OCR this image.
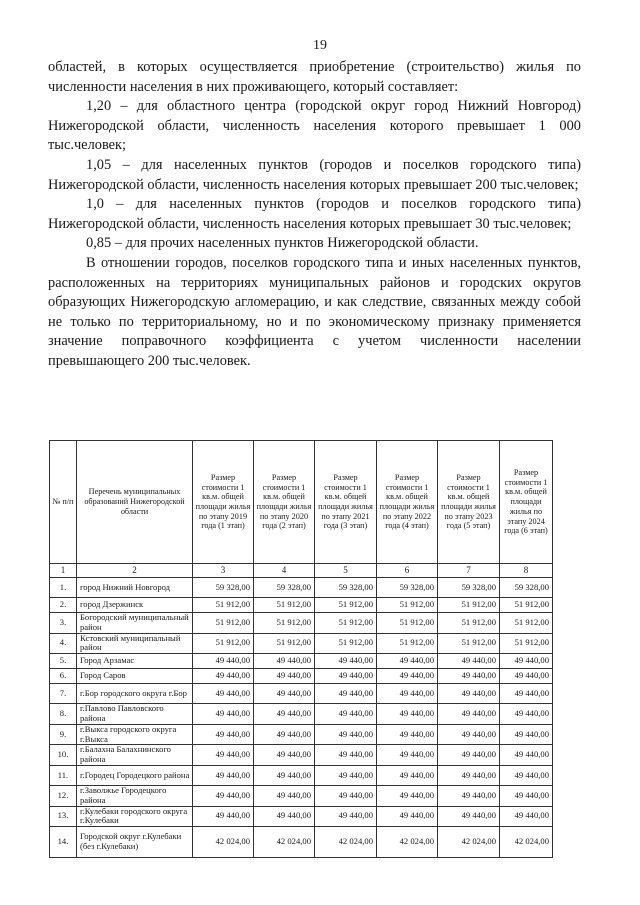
19

областей, в которых осуществляется приобретение (строительство) жилья по численности населения в них проживающего, который составляет:

1,20 – для областного центра (городской округ город Нижний Новгород) Нижегородской области, численность населения которого превышает 1 000 тыс.человек;

1,05 – для населенных пунктов (городов и поселков городского типа) Нижегородской области, численность населения которых превышает 200 тыс.человек;

1,0 – для населенных пунктов (городов и поселков городского типа) Нижегородской области, численность населения которых превышает 30 тыс.человек;

0,85 – для прочих населенных пунктов Нижегородской области.

В отношении городов, поселков городского типа и иных населенных пунктов, расположенных на территориях муниципальных районов и городских округов образующих Нижегородскую агломерацию, и как следствие, связанных между собой не только по территориальному, но и по экономическому признаку применяется значение поправочного коэффициента с учетом численности населении превышающего 200 тыс.человек.

№ п/п	Перечень муниципальных образований Нижегородской области	Размер стоимости 1 кв.м. общей площади жилья по этапу 2019 года (1 этап)	Размер стоимости 1 кв.м. общей площади жилья по этапу 2020 года (2 этап)	Размер стоимости 1 кв.м. общей площади жилья по этапу 2021 года (3 этап)	Размер стоимости 1 кв.м. общей площади жилья по этапу 2022 года (4 этап)	Размер стоимости 1 кв.м. общей площади жилья по этапу 2023 года (5 этап)	Размер стоимости 1 кв.м. общей площади жилья по этапу 2024 года (6 этап)
1	2	3	4	5	6	7	8
1.	город Нижний Новгород	59 328,00	59 328,00	59 328,00	59 328,00	59 328,00	59 328,00
2.	город Дзержинск	51 912,00	51 912,00	51 912,00	51 912,00	51 912,00	51 912,00
3.	Богородский муниципальный район	51 912,00	51 912,00	51 912,00	51 912,00	51 912,00	51 912,00
4.	Кстовский муниципальный район	51 912,00	51 912,00	51 912,00	51 912,00	51 912,00	51 912,00
5.	Город Арзамас	49 440,00	49 440,00	49 440,00	49 440,00	49 440,00	49 440,00
6.	Город Саров	49 440,00	49 440,00	49 440,00	49 440,00	49 440,00	49 440,00
7.	г.Бор городского округа г.Бор	49 440,00	49 440,00	49 440,00	49 440,00	49 440,00	49 440,00
8.	г.Павлово Павловского района	49 440,00	49 440,00	49 440,00	49 440,00	49 440,00	49 440,00
9.	г.Выкса городского округа г.Выкса	49 440,00	49 440,00	49 440,00	49 440,00	49 440,00	49 440,00
10.	г.Балахна Балахнинского района	49 440,00	49 440,00	49 440,00	49 440,00	49 440,00	49 440,00
11.	г.Городец Городецкого района	49 440,00	49 440,00	49 440,00	49 440,00	49 440,00	49 440,00
12.	г.Заволжье Городецкого района	49 440,00	49 440,00	49 440,00	49 440,00	49 440,00	49 440,00
13.	г.Кулебаки городского округа г.Кулебаки	49 440,00	49 440,00	49 440,00	49 440,00	49 440,00	49 440,00
14.	Городской округ г.Кулебаки (без г.Кулебаки)	42 024,00	42 024,00	42 024,00	42 024,00	42 024,00	42 024,00
